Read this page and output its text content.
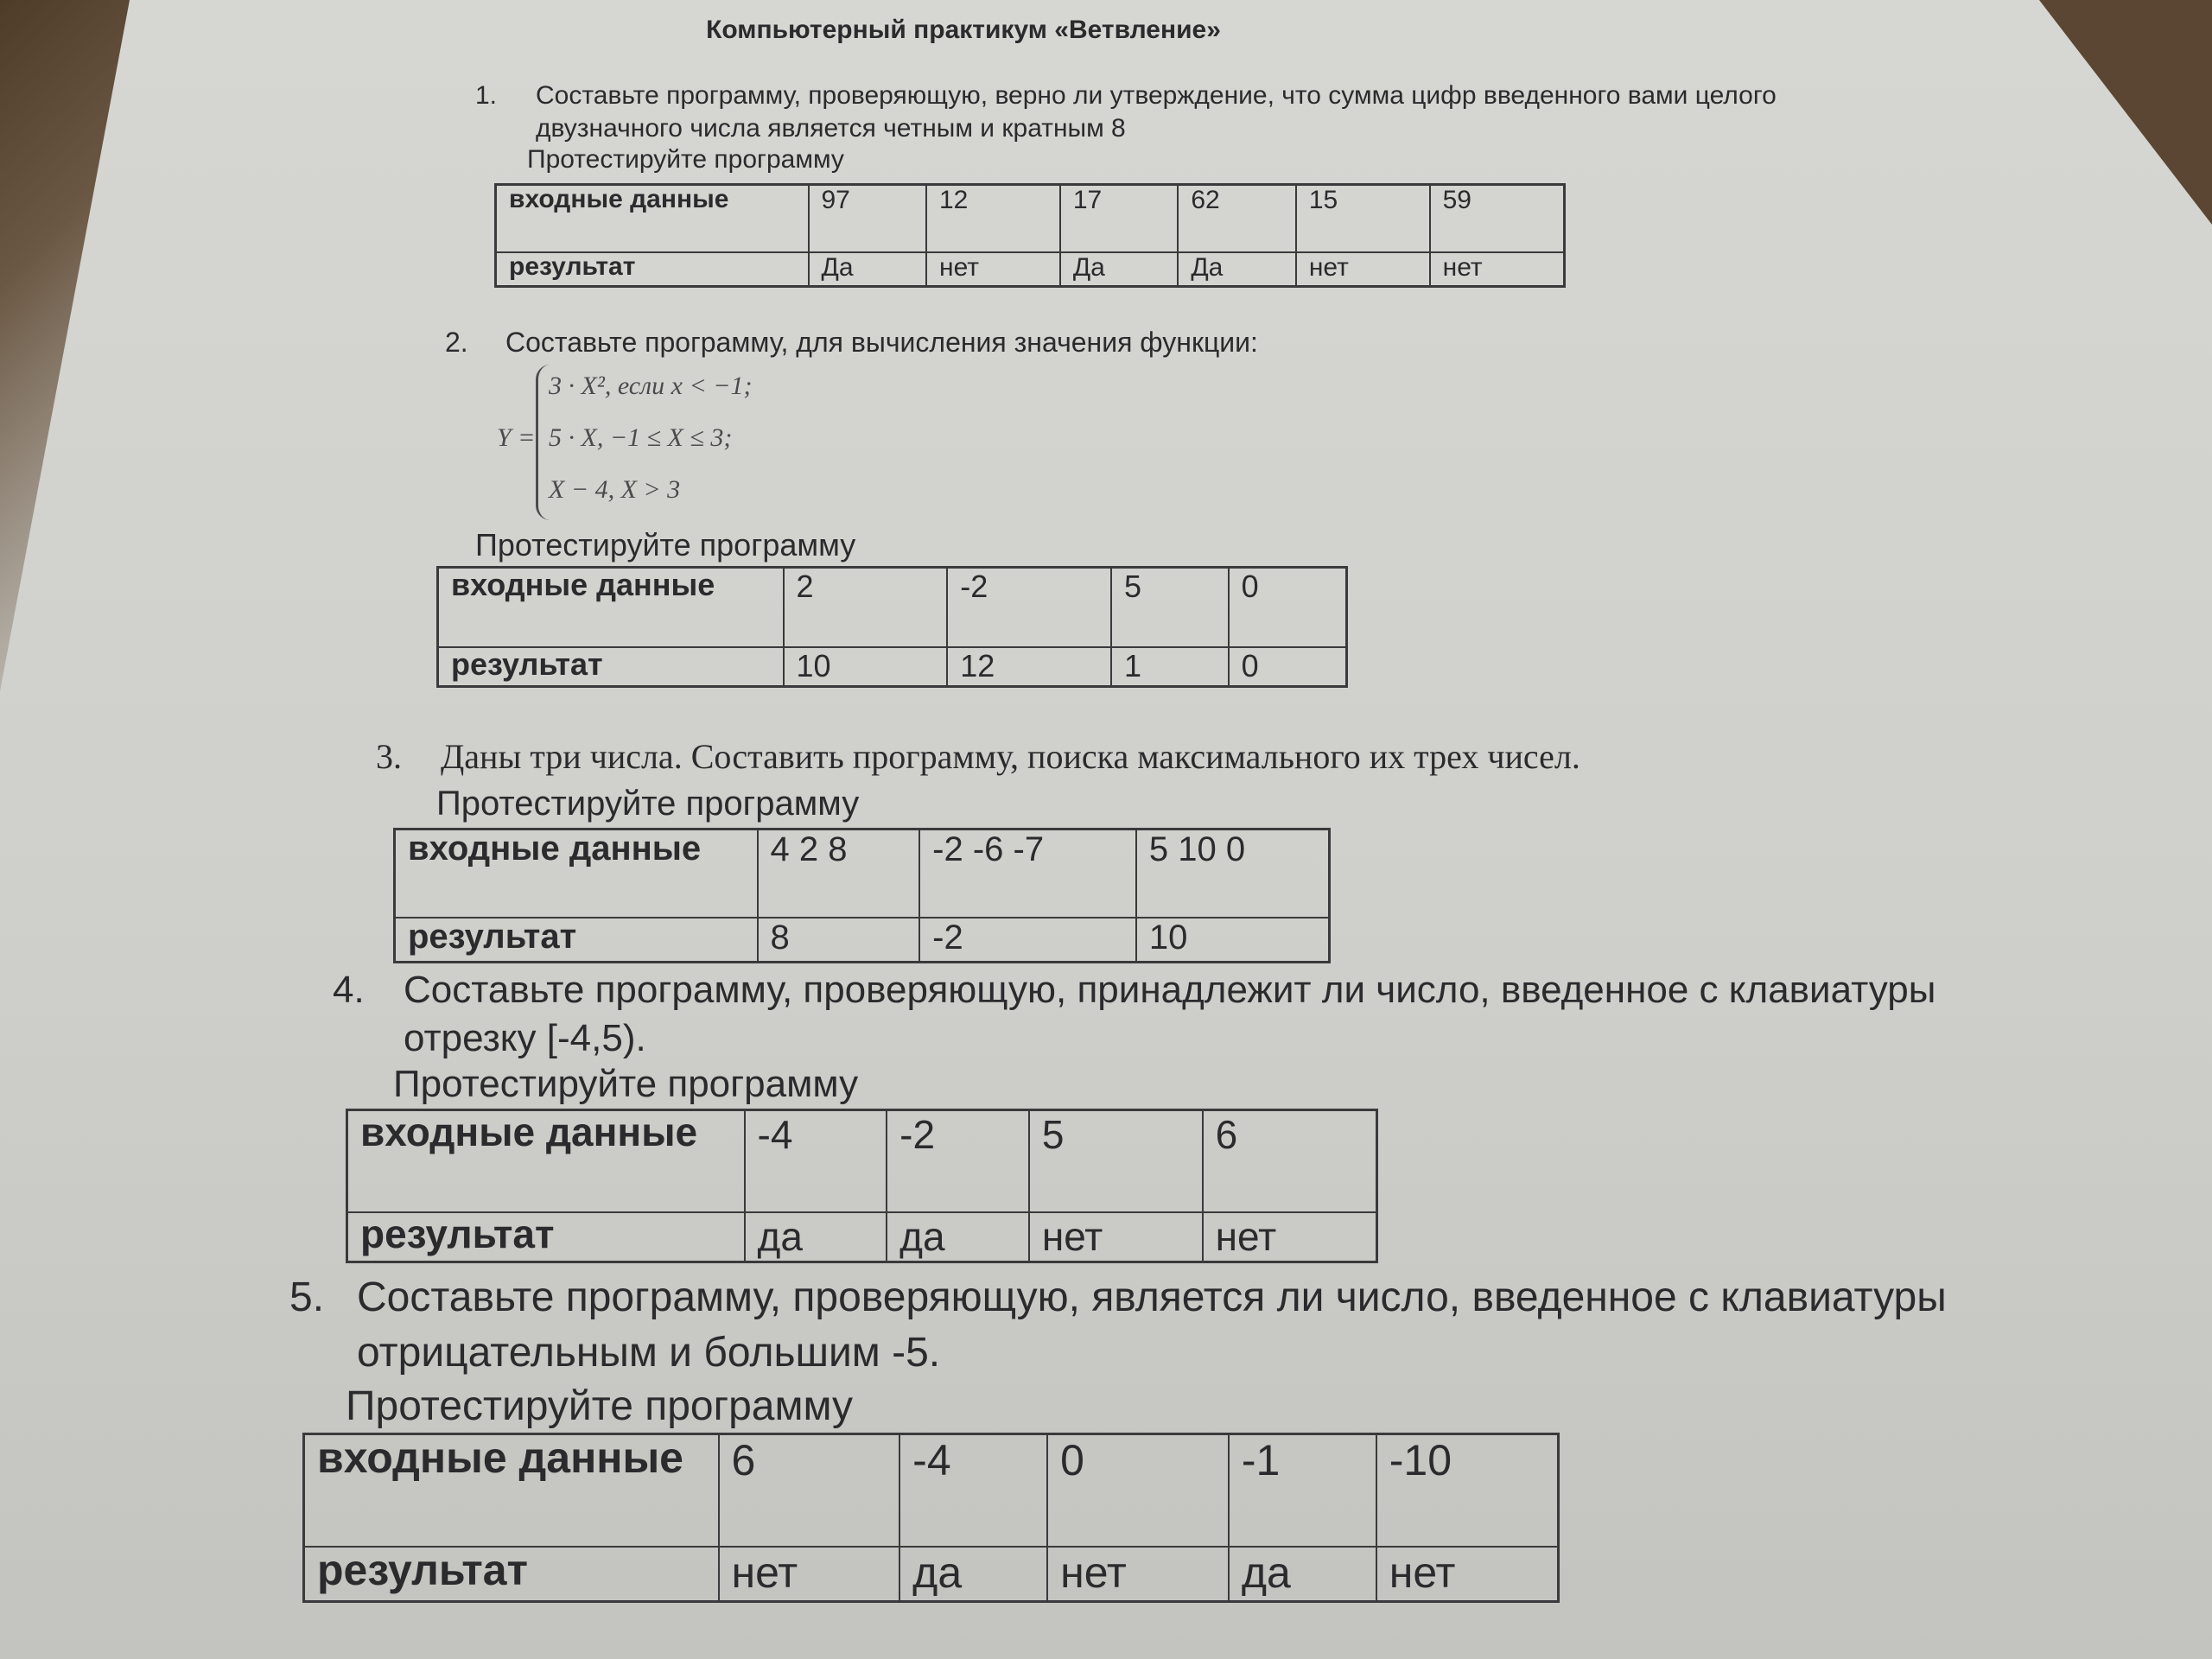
Компьютерный практикум «Ветвление»
1.	Составьте программу, проверяющую, верно ли утверждение, что сумма цифр введенного вами целого двузначного числа является четным и кратным 8

Протестируйте программу
входные данные	97	12	17	62	15	59
результат	Да	нет	Да	Да	нет	нет
2.	Составьте программу, для вычисления значения функции:

Y =
3 · X², если x < −1;
5 · X, −1 ≤ X ≤ 3;
X − 4, X > 3
Протестируйте программу
входные данные	2	-2	5	0
результат	10	12	1	0
3.	Даны три числа. Составить программу, поиска максимального их трех чисел.

Протестируйте программу
входные данные	4 2 8	-2 -6 -7	5 10 0
результат	8	-2	10
4.	Составьте программу, проверяющую, принадлежит ли число, введенное с клавиатуры отрезку [-4,5).

Протестируйте программу
входные данные	-4	-2	5	6
результат	да	да	нет	нет
5. Составьте программу, проверяющую, является ли число, введенное с клавиатуры отрицательным и большим -5.

Протестируйте программу
входные данные	6	-4	0	-1	-10
результат	нет	да	нет	да	нет
